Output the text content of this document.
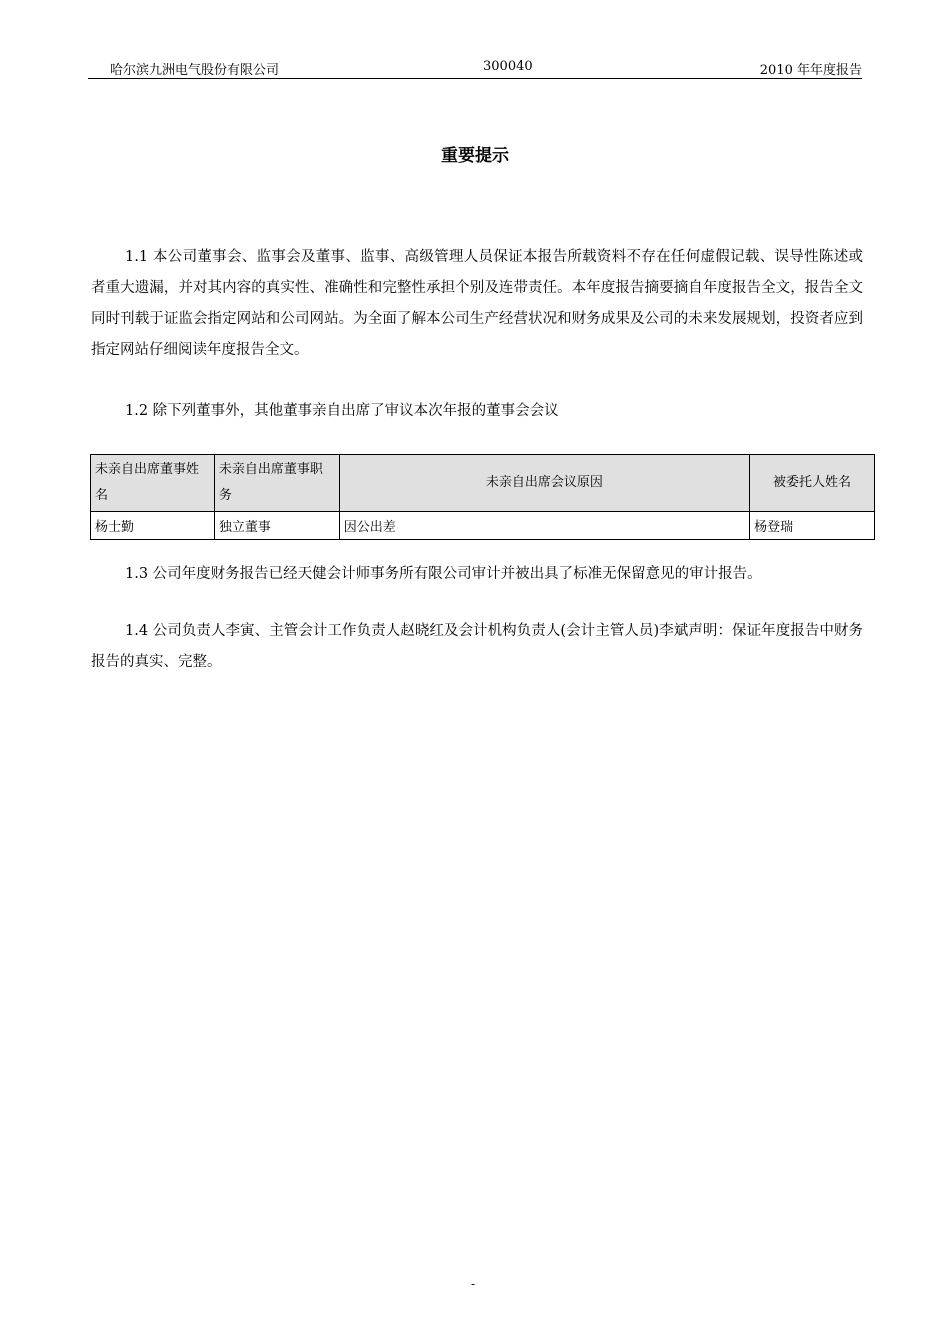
哈尔滨九洲电气股份有限公司	300040	2010 年年度报告
重要提示

1.1 本公司董事会、监事会及董事、监事、高级管理人员保证本报告所载资料不存在任何虚假记载、误导性陈述或者重大遗漏，并对其内容的真实性、准确性和完整性承担个别及连带责任。本年度报告摘要摘自年度报告全文，报告全文同时刊载于证监会指定网站和公司网站。为全面了解本公司生产经营状况和财务成果及公司的未来发展规划，投资者应到指定网站仔细阅读年度报告全文。

1.2 除下列董事外，其他董事亲自出席了审议本次年报的董事会会议

未亲自出席董事姓名	未亲自出席董事职务	未亲自出席会议原因	被委托人姓名
杨士勤	独立董事	因公出差	杨登瑞

1.3 公司年度财务报告已经天健会计师事务所有限公司审计并被出具了标准无保留意见的审计报告。

1.4 公司负责人李寅、主管会计工作负责人赵晓红及会计机构负责人(会计主管人员)李斌声明：保证年度报告中财务报告的真实、完整。

-
